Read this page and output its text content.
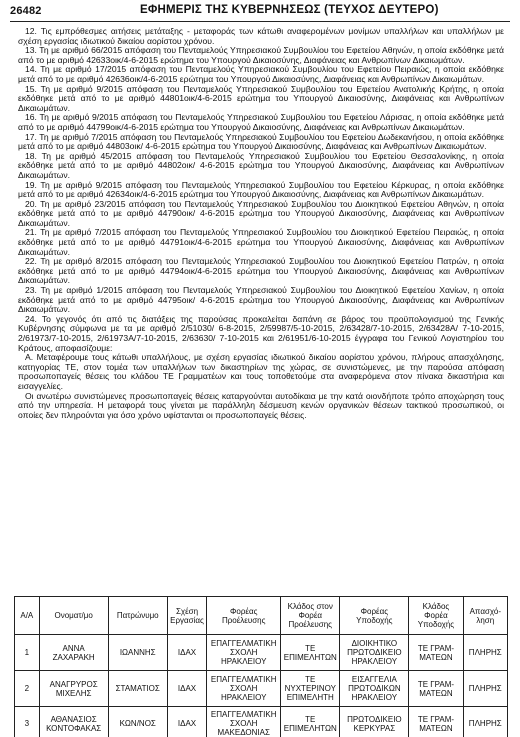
26482	ΕΦΗΜΕΡΙΣ ΤΗΣ ΚΥΒΕΡΝΗΣΕΩΣ (ΤΕΥΧΟΣ ΔΕΥΤΕΡΟ)

12. Τις εμπρόθεσμες αιτήσεις μετάταξης - μεταφοράς των κάτωθι αναφερομένων μονίμων υπαλλήλων και υπαλλήλων με σχέση εργασίας ιδιωτικού δικαίου αορίστου χρόνου.

13. Τη με αριθμό 66/2015 απόφαση του Πενταμελούς Υπηρεσιακού Συμβουλίου του Εφετείου Αθηνών, η οποία εκδόθηκε μετά από το με αριθμό 42633οικ/4-6-2015 ερώτημα του Υπουργού Δικαιοσύνης, Διαφάνειας και Ανθρωπίνων Δικαιωμάτων.

14. Τη με αριθμό 17/2015 απόφαση του Πενταμελούς Υπηρεσιακού Συμβουλίου του Εφετείου Πειραιώς, η οποία εκδόθηκε μετά από το με αριθμό 42636οικ/4-6-2015 ερώτημα του Υπουργού Δικαιοσύνης, Διαφάνειας και Ανθρωπίνων Δικαιωμάτων.

15. Τη με αριθμό 9/2015 απόφαση του Πενταμελούς Υπηρεσιακού Συμβουλίου του Εφετείου Ανατολικής Κρήτης, η οποία εκδόθηκε μετά από το με αριθμό 44801οικ/4-6-2015 ερώτημα του Υπουργού Δικαιοσύνης, Διαφάνειας και Ανθρωπίνων Δικαιωμάτων.

16. Τη με αριθμό 9/2015 απόφαση του Πενταμελούς Υπηρεσιακού Συμβουλίου του Εφετείου Λάρισας, η οποία εκδόθηκε μετά από το με αριθμό 44799οικ/4-6-2015 ερώτημα του Υπουργού Δικαιοσύνης, Διαφάνειας και Ανθρωπίνων Δικαιωμάτων.

17. Τη με αριθμό 7/2015 απόφαση του Πενταμελούς Υπηρεσιακού Συμβουλίου του Εφετείου Δωδεκανήσου, η οποία εκδόθηκε μετά από το με αριθμό 44803οικ/ 4-6-2015 ερώτημα του Υπουργού Δικαιοσύνης, Διαφάνειας και Ανθρωπίνων Δικαιωμάτων.

18. Τη με αριθμό 45/2015 απόφαση του Πενταμελούς Υπηρεσιακού Συμβουλίου του Εφετείου Θεσσαλονίκης, η οποία εκδόθηκε μετά από το με αριθμό 44802οικ/ 4-6-2015 ερώτημα του Υπουργού Δικαιοσύνης, Διαφάνειας και Ανθρωπίνων Δικαιωμάτων.

19. Τη με αριθμό 9/2015 απόφαση του Πενταμελούς Υπηρεσιακού Συμβουλίου του Εφετείου Κέρκυρας, η οποία εκδόθηκε μετά από το με αριθμό 42634οικ/4-6-2015 ερώτημα του Υπουργού Δικαιοσύνης, Διαφάνειας και Ανθρωπίνων Δικαιωμάτων.

20. Τη με αριθμό 23/2015 απόφαση του Πενταμελούς Υπηρεσιακού Συμβουλίου του Διοικητικού Εφετείου Αθηνών, η οποία εκδόθηκε μετά από το με αριθμό 44790οικ/ 4-6-2015 ερώτημα του Υπουργού Δικαιοσύνης, Διαφάνειας και Ανθρωπίνων Δικαιωμάτων.

21. Τη με αριθμό 7/2015 απόφαση του Πενταμελούς Υπηρεσιακού Συμβουλίου του Διοικητικού Εφετείου Πειραιώς, η οποία εκδόθηκε μετά από το με αριθμό 44791οικ/4-6-2015 ερώτημα του Υπουργού Δικαιοσύνης, Διαφάνειας και Ανθρωπίνων Δικαιωμάτων.

22. Τη με αριθμό 8/2015 απόφαση του Πενταμελούς Υπηρεσιακού Συμβουλίου του Διοικητικού Εφετείου Πατρών, η οποία εκδόθηκε μετά από το με αριθμό 44794οικ/4-6-2015 ερώτημα του Υπουργού Δικαιοσύνης, Διαφάνειας και Ανθρωπίνων Δικαιωμάτων.

23. Τη με αριθμό 1/2015 απόφαση του Πενταμελούς Υπηρεσιακού Συμβουλίου του Διοικητικού Εφετείου Χανίων, η οποία εκδόθηκε μετά από το με αριθμό 44795οικ/ 4-6-2015 ερώτημα του Υπουργού Δικαιοσύνης, Διαφάνειας και Ανθρωπίνων Δικαιωμάτων.

24. Το γεγονός ότι από τις διατάξεις της παρούσας προκαλείται δαπάνη σε βάρος του προϋπολογισμού της Γενικής Κυβέρνησης σύμφωνα με τα με αριθμό 2/51030/ 6-8-2015, 2/59987/5-10-2015, 2/63428/7-10-2015, 2/63428Α/ 7-10-2015, 2/61973/7-10-2015, 2/61973Α/7-10-2015, 2/63630/ 7-10-2015 και 2/61951/6-10-2015 έγγραφα του Γενικού Λογιστηρίου του Κράτους, αποφασίζουμε:

Α. Μεταφέρουμε τους κάτωθι υπαλλήλους, με σχέση εργασίας ιδιωτικού δικαίου αορίστου χρόνου, πλήρους απασχόλησης, κατηγορίας ΤΕ, στον τομέα των υπαλλήλων των δικαστηρίων της χώρας, σε συνιστώμενες, με την παρούσα απόφαση προσωποπαγείς θέσεις του κλάδου ΤΕ Γραμματέων και τους τοποθετούμε στα αναφερόμενα στον πίνακα δικαστήρια και εισαγγελίες.

Οι ανωτέρω συνιστώμενες προσωποπαγείς θέσεις καταργούνται αυτοδίκαια με την κατά οιονδήποτε τρόπο αποχώρηση τους από την υπηρεσία. Η μεταφορά τους γίνεται με παράλληλη δέσμευση κενών οργανικών θέσεων τακτικού προσωπικού, οι οποίες δεν πληρούνται για όσο χρόνο υφίστανται οι προσωποπαγείς θέσεις.

Α/Α	Ονοματ/μο	Πατρώνυμο	Σχέση Εργασίας	Φορέας Προέλευσης	Κλάδος στον Φορέα Προέλευσης	Φορέας Υποδοχής	Κλάδος Φορέα Υποδοχής	Απασχό-ληση
1	ΑΝΝΑ ΖΑΧΑΡΑΚΗ	ΙΩΑΝΝΗΣ	ΙΔΑΧ	ΕΠΑΓΓΕΛΜΑΤΙΚΗ ΣΧΟΛΗ ΗΡΑΚΛΕΙΟΥ	ΤΕ ΕΠΙΜΕΛΗΤΩΝ	ΔΙΟΙΚΗΤΙΚΟ ΠΡΩΤΟΔΙΚΕΙΟ ΗΡΑΚΛΕΙΟΥ	ΤΕ ΓΡΑΜ-ΜΑΤΕΩΝ	ΠΛΗΡΗΣ
2	ΑΝΑΓΡΥΡΟΣ ΜΙΧΕΛΗΣ	ΣΤΑΜΑΤΙΟΣ	ΙΔΑΧ	ΕΠΑΓΓΕΛΜΑΤΙΚΗ ΣΧΟΛΗ ΗΡΑΚΛΕΙΟΥ	ΤΕ ΝΥΧΤΕΡΙΝΟΥ ΕΠΙΜΕΛΗΤΗ	ΕΙΣΑΓΓΕΛΙΑ ΠΡΩΤΟΔΙΚΩΝ ΗΡΑΚΛΕΙΟΥ	ΤΕ ΓΡΑΜ-ΜΑΤΕΩΝ	ΠΛΗΡΗΣ
3	ΑΘΑΝΑΣΙΟΣ ΚΟΝΤΟΦΑΚΑΣ	ΚΩΝ/ΝΟΣ	ΙΔΑΧ	ΕΠΑΓΓΕΛΜΑΤΙΚΗ ΣΧΟΛΗ ΜΑΚΕΔΟΝΙΑΣ	ΤΕ ΕΠΙΜΕΛΗΤΩΝ	ΠΡΩΤΟΔΙΚΕΙΟ ΚΕΡΚΥΡΑΣ	ΤΕ ΓΡΑΜ-ΜΑΤΕΩΝ	ΠΛΗΡΗΣ
